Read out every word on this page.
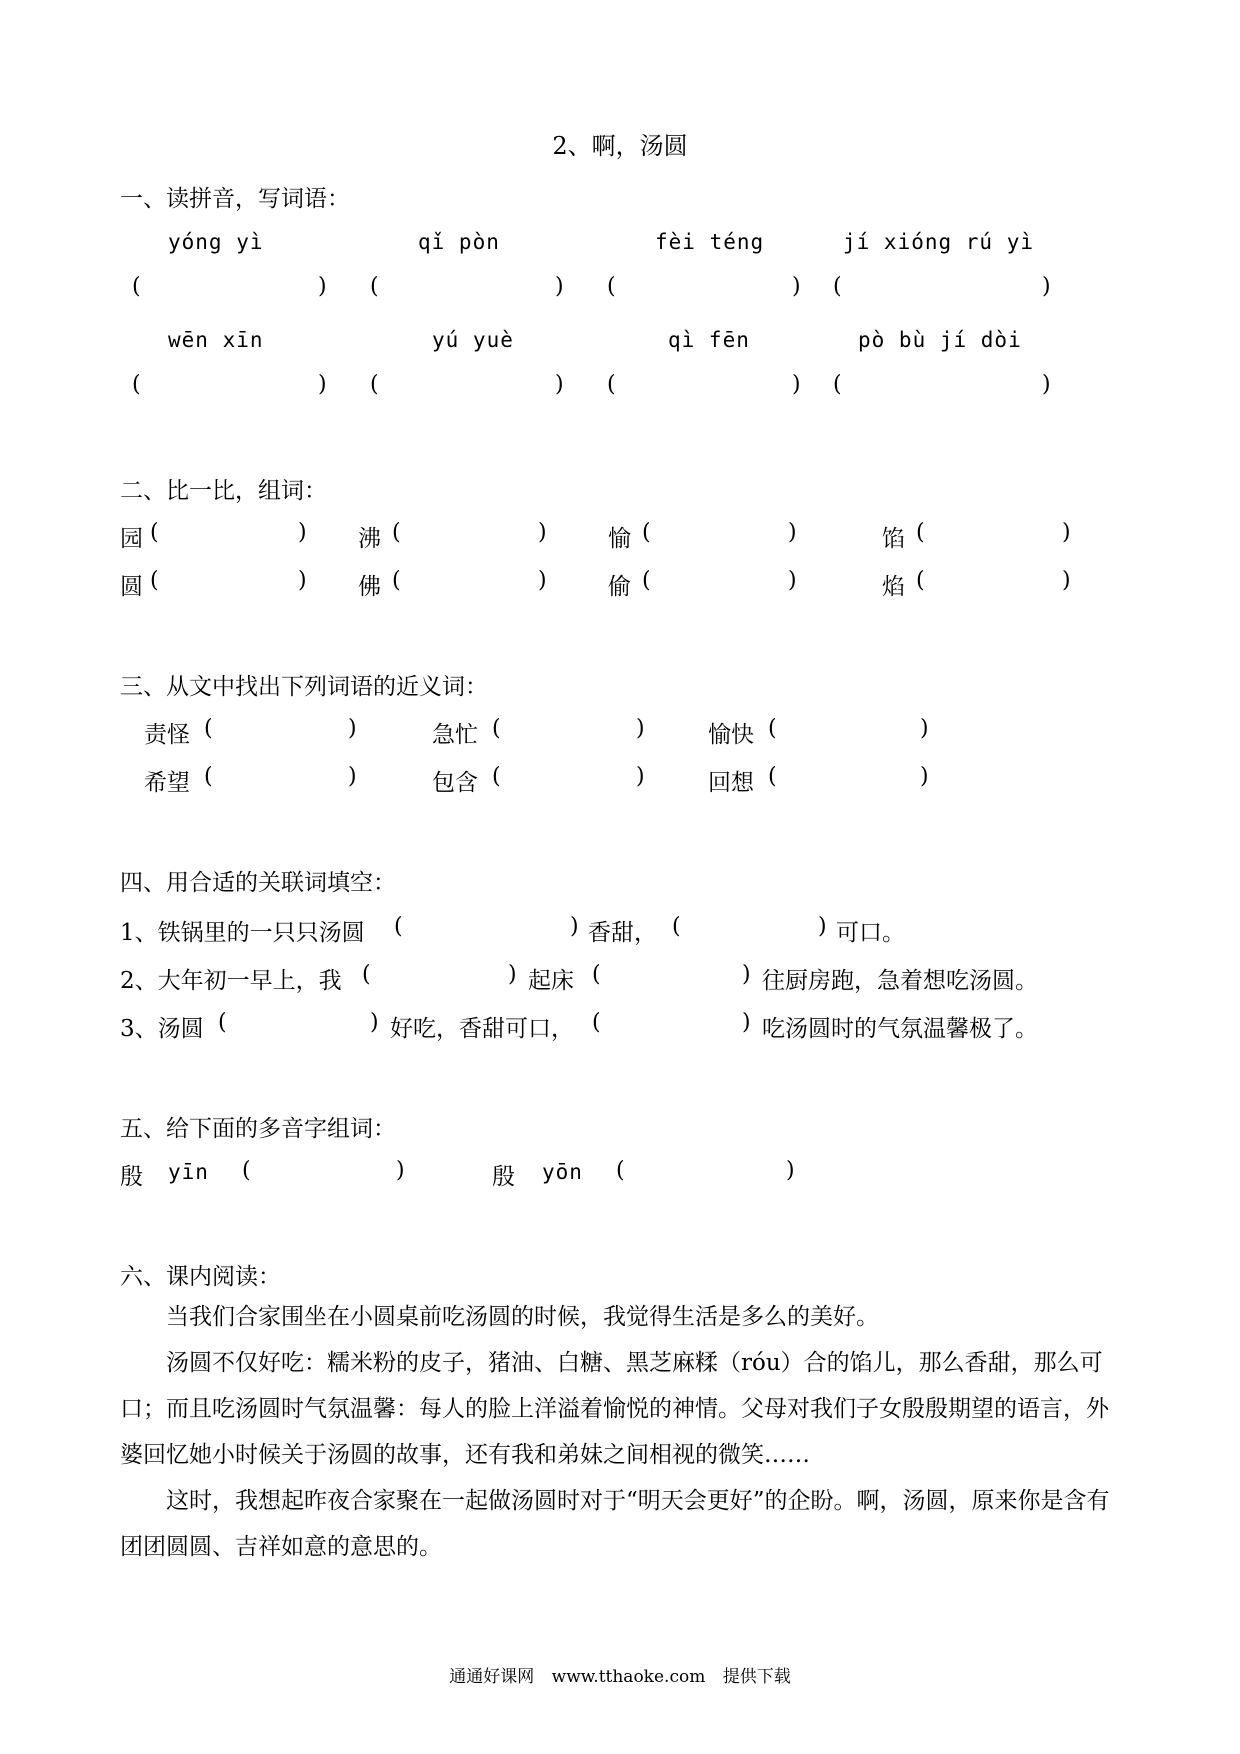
2、啊，汤圆
一、读拼音，写词语：
yóng yì	qǐ pòn	fèi téng	jí xióng rú yì
(	) (	) (	) (	)
wēn xīn	yú yuè	qì fēn	pò bù jí dòi
(	) (	) (	) (	)
二、比一比，组词：
园 (	) 沸 (	)	愉 (	)	馅 (	)
圆 (	) 佛 (	)	偷 (	)	焰 (	)
三、从文中找出下列词语的近义词：
责怪 (	)	急忙 (	)	愉快 (	)
希望 (	)	包含 (	)	回想 (	)
四、用合适的关联词填空：
1、铁锅里的一只只汤圆 (	) 香甜， (	) 可口。
2、大年初一早上，我 (	) 起床 (	) 往厨房跑，急着想吃汤圆。
3、汤圆 (	) 好吃，香甜可口， (	) 吃汤圆时的气氛温馨极了。
五、给下面的多音字组词：
殷 yīn (	)	殷 yōn (	)
六、课内阅读：

当我们合家围坐在小圆桌前吃汤圆的时候，我觉得生活是多么的美好。

汤圆不仅好吃：糯米粉的皮子，猪油、白糖、黑芝麻糅（róu）合的馅儿，那么香甜，那么可口；而且吃汤圆时气氛温馨：每人的脸上洋溢着愉悦的神情。父母对我们子女殷殷期望的语言，外婆回忆她小时候关于汤圆的故事，还有我和弟妹之间相视的微笑……

这时，我想起昨夜合家聚在一起做汤圆时对于“明天会更好”的企盼。啊，汤圆，原来你是含有团团圆圆、吉祥如意的意思的。

通通好课网 www.tthaoke.com 提供下载
